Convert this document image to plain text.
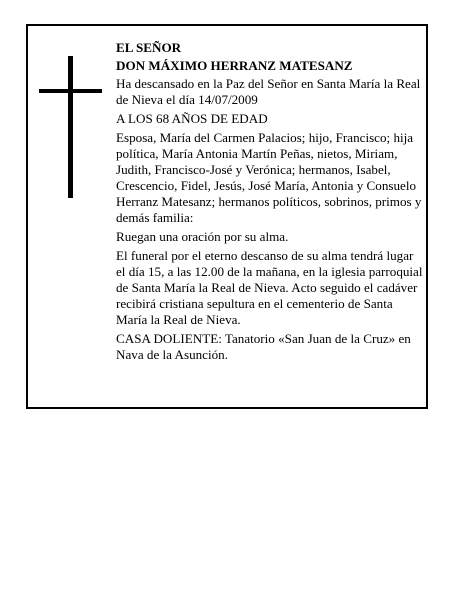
EL SEÑOR

DON MÁXIMO HERRANZ MATESANZ

Ha descansado en la Paz del Señor en Santa María la Real de Nieva el día 14/07/2009

A LOS 68 AÑOS DE EDAD

Esposa, María del Carmen Palacios; hijo, Francisco; hija política, María Antonia Martín Peñas, nietos, Miriam, Judith, Francisco-José y Verónica; hermanos, Isabel, Crescencio, Fidel, Jesús, José María, Antonia y Consuelo Herranz Matesanz; hermanos políticos, sobrinos, primos y demás familia:

Ruegan una oración por su alma.

El funeral por el eterno descanso de su alma tendrá lugar el día 15, a las 12.00 de la mañana, en la iglesia parroquial de Santa María la Real de Nieva. Acto seguido el cadáver recibirá cristiana sepultura en el cementerio de Santa María la Real de Nieva.

CASA DOLIENTE: Tanatorio «San Juan de la Cruz» en Nava de la Asunción.
